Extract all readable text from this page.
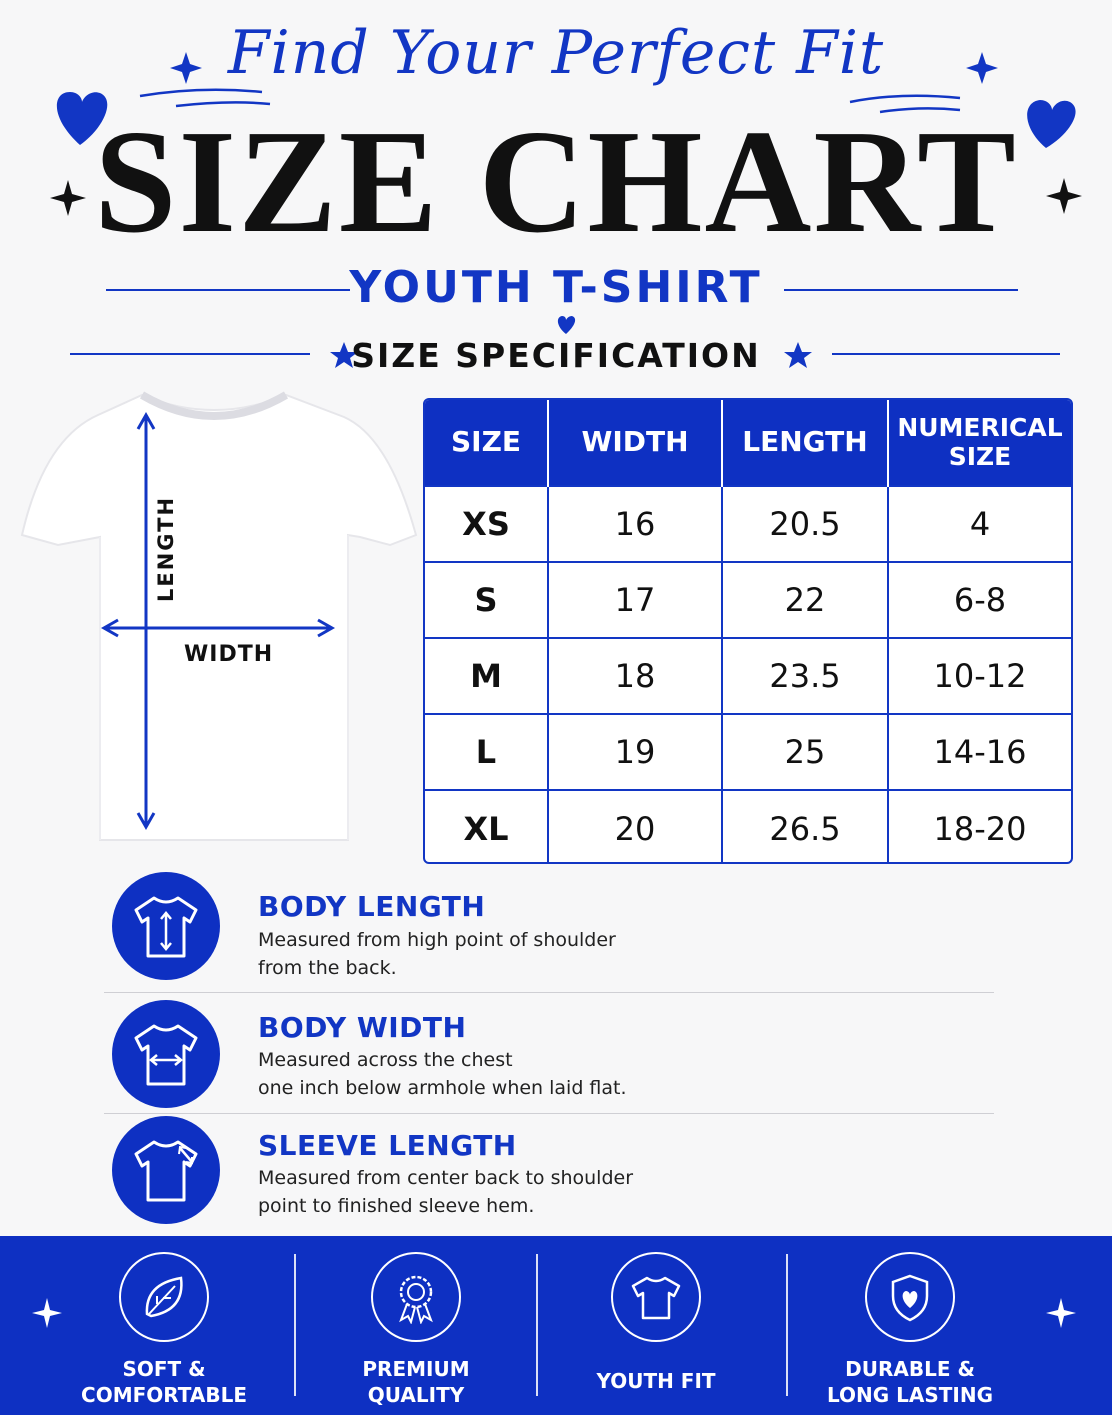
Find Your Perfect Fit
SIZE CHART
YOUTH T-SHIRT
SIZE SPECIFICATION
LENGTH
WIDTH
SIZE	WIDTH	LENGTH	NUMERICAL SIZE
XS	16	20.5	4
S	17	22	6-8
M	18	23.5	10-12
L	19	25	14-16
XL	20	26.5	18-20
BODY LENGTH
Measured from high point of shoulder
from the back.
BODY WIDTH
Measured across the chest
one inch below armhole when laid flat.
SLEEVE LENGTH
Measured from center back to shoulder
point to finished sleeve hem.
SOFT &
COMFORTABLE
PREMIUM
QUALITY
YOUTH FIT	DURABLE &
LONG LASTING
